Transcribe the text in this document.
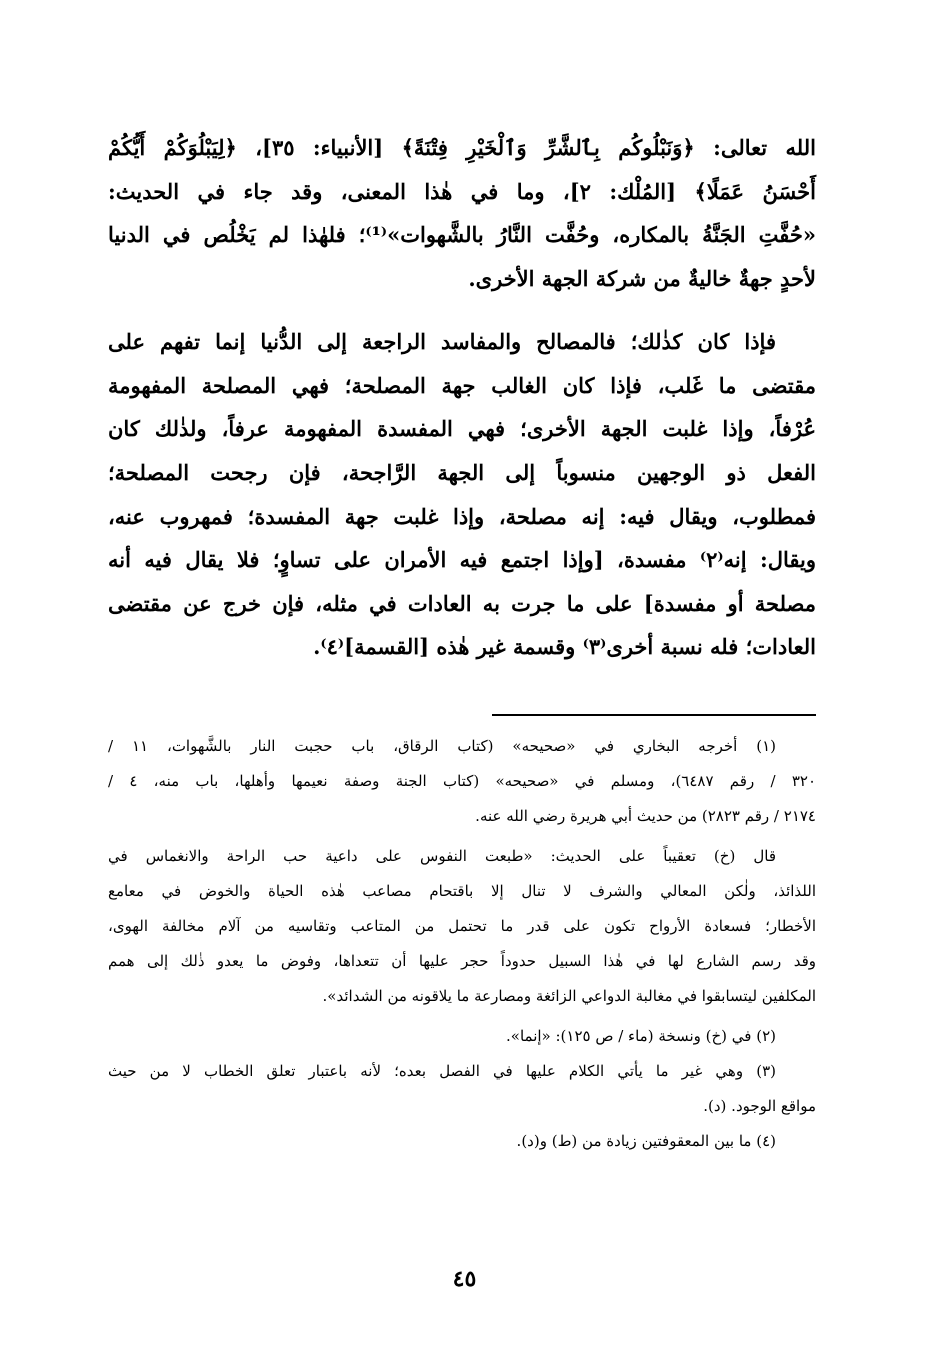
الله تعالى: ﴿وَنَبْلُوكُم بِٱلشَّرِّ وَٱلْخَيْرِ فِتْنَةً﴾ [الأنبياء: ٣٥]، ﴿لِيَبْلُوَكُمْ أَيُّكُمْ
أَحْسَنُ عَمَلًا﴾ [المُلْك: ٢]، وما في هٰذا المعنى، وقد جاء في الحديث:
«حُفَّتِ الجَنَّةُ بالمكاره، وحُفَّت النَّارُ بالشَّهوات»⁽¹⁾؛ فلهٰذا لم يَخْلُص في الدنيا
لأحدٍ جهةٌ خاليةٌ من شركة الجهة الأخرى.
فإذا كان كذٰلك؛ فالمصالح والمفاسد الراجعة إلى الدُّنيا إنما تفهم على
مقتضى ما غَلب، فإذا كان الغالب جهة المصلحة؛ فهي المصلحة المفهومة
عُرْفاً، وإذا غلبت الجهة الأخرى؛ فهي المفسدة المفهومة عرفاً، ولذٰلك كان
الفعل ذو الوجهين منسوباً إلى الجهة الرَّاجحة، فإن رجحت المصلحة؛
فمطلوب، ويقال فيه: إنه مصلحة، وإذا غلبت جهة المفسدة؛ فمهروب عنه،
ويقال: إنه⁽٢⁾ مفسدة، [وإذا اجتمع فيه الأمران على تساوٍ؛ فلا يقال فيه أنه
مصلحة أو مفسدة] على ما جرت به العادات في مثله، فإن خرج عن مقتضى
العادات؛ فله نسبة أخرى⁽٣⁾ وقسمة غير هٰذه [القسمة]⁽٤⁾.
(١) أخرجه البخاري في «صحيحه» (كتاب الرقاق، باب حجبت النار بالشَّهوات، ١١ /
٣٢٠ / رقم ٦٤٨٧)، ومسلم في «صحيحه» (كتاب الجنة وصفة نعيمها وأهلها، باب منه، ٤ /
٢١٧٤ / رقم ٢٨٢٣) من حديث أبي هريرة رضي الله عنه.
قال (خ) تعقيباً على الحديث: «طبعت النفوس على داعية حب الراحة والانغماس في
اللذائذ، ولٰكن المعالي والشرف لا تنال إلا باقتحام مصاعب هٰذه الحياة والخوض في معامع
الأخطار؛ فسعادة الأرواح تكون على قدر ما تحتمل من المتاعب وتقاسيه من آلام مخالفة الهوى،
وقد رسم الشارع لها في هٰذا السبيل حدوداً حجر عليها أن تتعداها، وفوض ما يعدو ذٰلك إلى همم
المكلفين ليتسابقوا في مغالبة الدواعي الزائغة ومصارعة ما يلاقونه من الشدائد».
(٢) في (خ) ونسخة (ماء / ص ١٢٥): «إنما».
(٣) وهي غير ما يأتي الكلام عليها في الفصل بعده؛ لأنه باعتبار تعلق الخطاب لا من حيث
مواقع الوجود. (د).
(٤) ما بين المعقوفتين زيادة من (ط) و(د).
٤٥
